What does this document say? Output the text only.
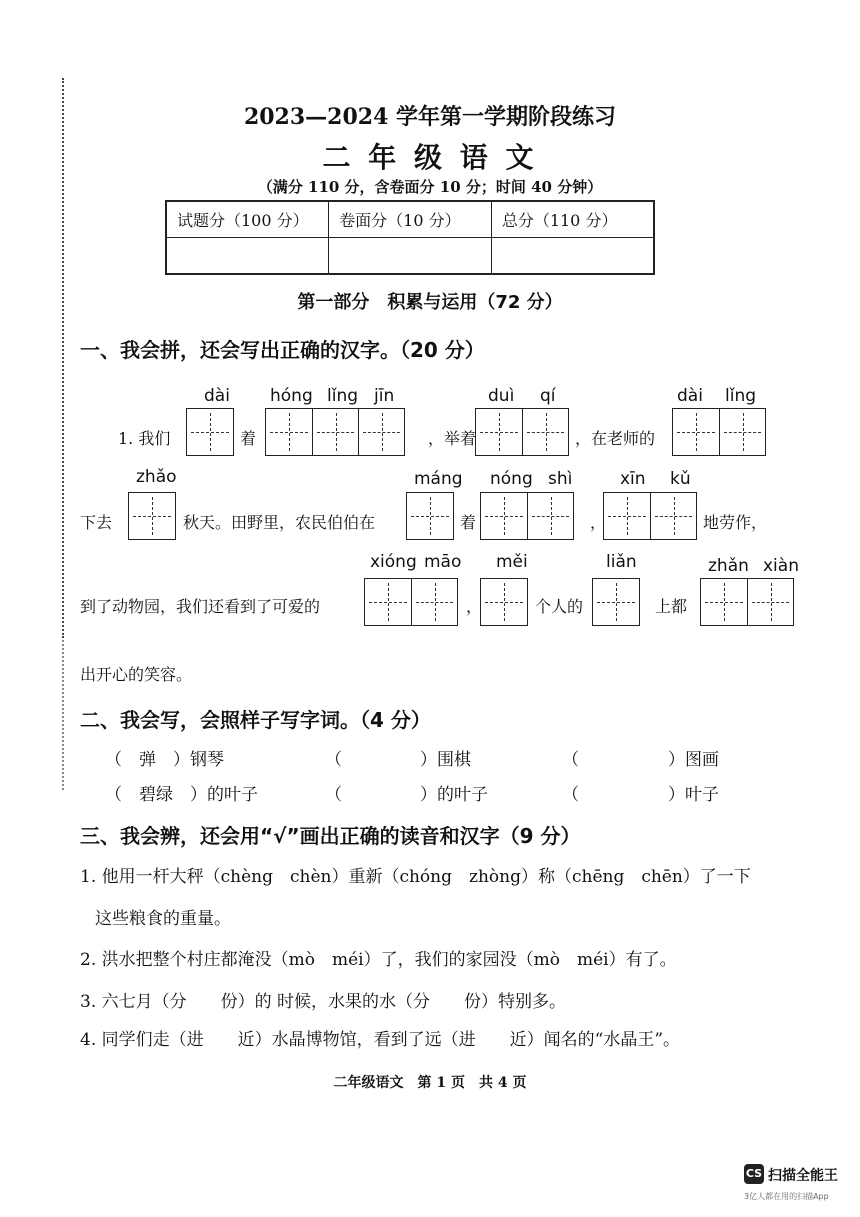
2023—2024 学年第一学期阶段练习
二 年 级 语 文
（满分 110 分，含卷面分 10 分；时间 40 分钟）
试题分（100 分）	卷面分（10 分）	总分（110 分）

第一部分　积累与运用（72 分）
一、我会拼，还会写出正确的汉字。（20 分）
dài hóng lǐng jīn	duì qí	dài lǐng
1. 我们	着	，举着	，在老师的
zhǎo	máng nóng shì	xīn kǔ
下去	秋天。田野里，农民伯伯在	着	，	地劳作，
xióng māo měi	liǎn	zhǎn xiàn
到了动物园，我们还看到了可爱的	，	个人的	上都
出开心的笑容。
二、我会写，会照样子写字词。（4 分）
（　弹　）钢琴	（	）围棋	（	）图画
（　碧绿　）的叶子	（	）的叶子	（	）叶子
三、我会辨，还会用“√”画出正确的读音和汉字（9 分）
1. 他用一杆大秤（chèng　chèn）重新（chóng　zhòng）称（chēng　chēn）了一下
这些粮食的重量。
2. 洪水把整个村庄都淹没（mò　méi）了，我们的家园没（mò　méi）有了。
3. 六七月（分　　份）的 时候，水果的水（分　　份）特别多。
4. 同学们走（进　　近）水晶博物馆，看到了远（进　　近）闻名的“水晶王”。
二年级语文　第 1 页　共 4 页
CS 扫描全能王
3亿人都在用的扫描App
